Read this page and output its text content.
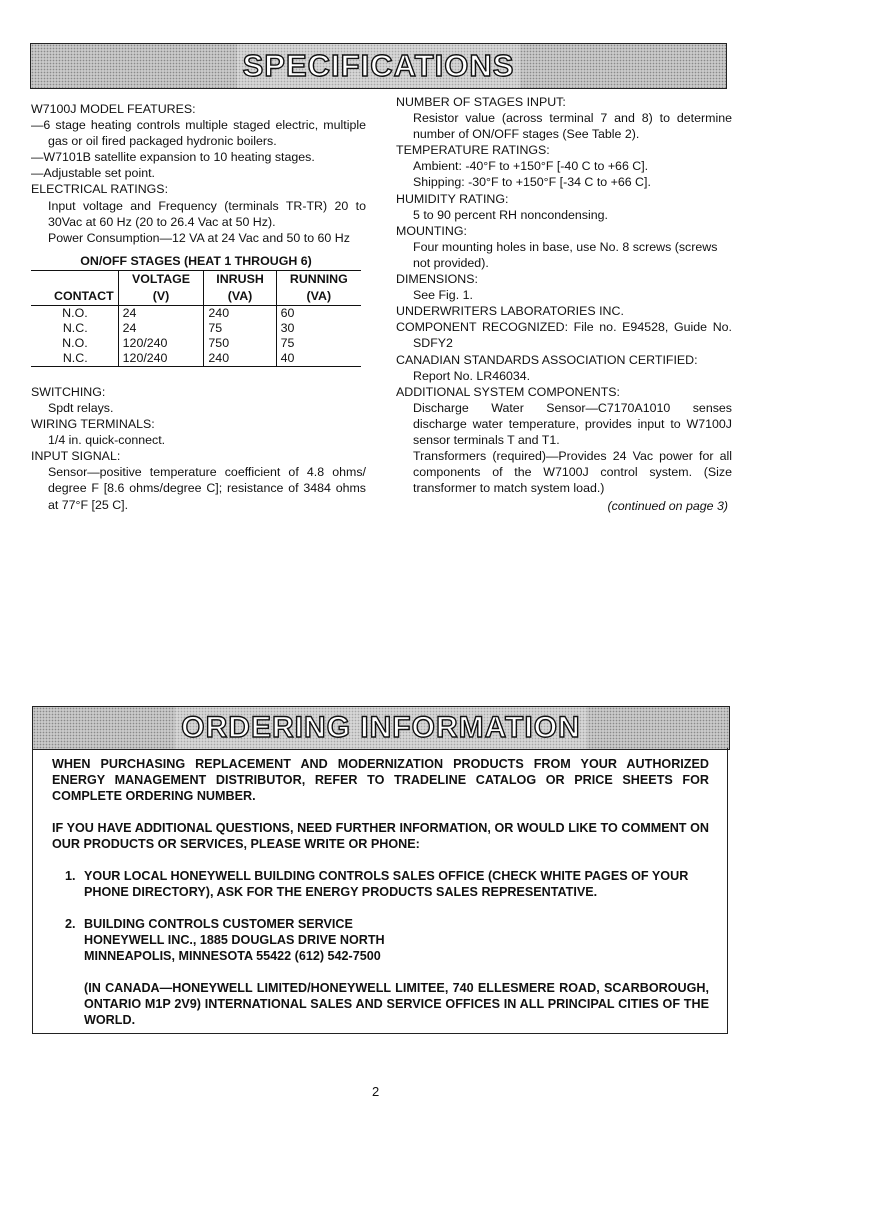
SPECIFICATIONS

W7100J MODEL FEATURES:

—6 stage heating controls multiple staged electric, multiple gas or oil fired packaged hydronic boilers.

—W7101B satellite expansion to 10 heating stages.

—Adjustable set point.

ELECTRICAL RATINGS:

Input voltage and Frequency (terminals TR-TR) 20 to 30Vac at 60 Hz (20 to 26.4 Vac at 50 Hz).

Power Consumption—12 VA at 24 Vac and 50 to 60 Hz

ON/OFF STAGES (HEAT 1 THROUGH 6)
	VOLTAGE	INRUSH	RUNNING
CONTACT	(V)	(VA)	(VA)
N.O.	24	240	60
N.C.	24	75	30
N.O.	120/240	750	75
N.C.	120/240	240	40

SWITCHING:

Spdt relays.

WIRING TERMINALS:

1/4 in. quick-connect.

INPUT SIGNAL:

Sensor—positive temperature coefficient of 4.8 ohms/ degree F [8.6 ohms/degree C]; resistance of 3484 ohms at 77°F [25 C].

NUMBER OF STAGES INPUT:

Resistor value (across terminal 7 and 8) to determine number of ON/OFF stages (See Table 2).

TEMPERATURE RATINGS:

Ambient: -40°F to +150°F [-40 C to +66 C].

Shipping: -30°F to +150°F [-34 C to +66 C].

HUMIDITY RATING:

5 to 90 percent RH noncondensing.

MOUNTING:

Four mounting holes in base, use No. 8 screws (screws not provided).

DIMENSIONS:

See Fig. 1.

UNDERWRITERS LABORATORIES INC.

COMPONENT RECOGNIZED: File no. E94528, Guide No. SDFY2

CANADIAN STANDARDS ASSOCIATION CERTIFIED:

Report No. LR46034.

ADDITIONAL SYSTEM COMPONENTS:

Discharge Water Sensor—C7170A1010 senses discharge water temperature, provides input to W7100J sensor terminals T and T1.

Transformers (required)—Provides 24 Vac power for all components of the W7100J control system. (Size transformer to match system load.)

(continued on page 3)

ORDERING INFORMATION

WHEN PURCHASING REPLACEMENT AND MODERNIZATION PRODUCTS FROM YOUR AUTHORIZED ENERGY MANAGEMENT DISTRIBUTOR, REFER TO TRADELINE CATALOG OR PRICE SHEETS FOR COMPLETE ORDERING NUMBER.

IF YOU HAVE ADDITIONAL QUESTIONS, NEED FURTHER INFORMATION, OR WOULD LIKE TO COMMENT ON OUR PRODUCTS OR SERVICES, PLEASE WRITE OR PHONE:

1. YOUR LOCAL HONEYWELL BUILDING CONTROLS SALES OFFICE (CHECK WHITE PAGES OF YOUR PHONE DIRECTORY), ASK FOR THE ENERGY PRODUCTS SALES REPRESENTATIVE.

2. BUILDING CONTROLS CUSTOMER SERVICE

HONEYWELL INC., 1885 DOUGLAS DRIVE NORTH

MINNEAPOLIS, MINNESOTA 55422 (612) 542-7500

(IN CANADA—HONEYWELL LIMITED/HONEYWELL LIMITEE, 740 ELLESMERE ROAD, SCARBOROUGH, ONTARIO M1P 2V9) INTERNATIONAL SALES AND SERVICE OFFICES IN ALL PRINCIPAL CITIES OF THE WORLD.

2
